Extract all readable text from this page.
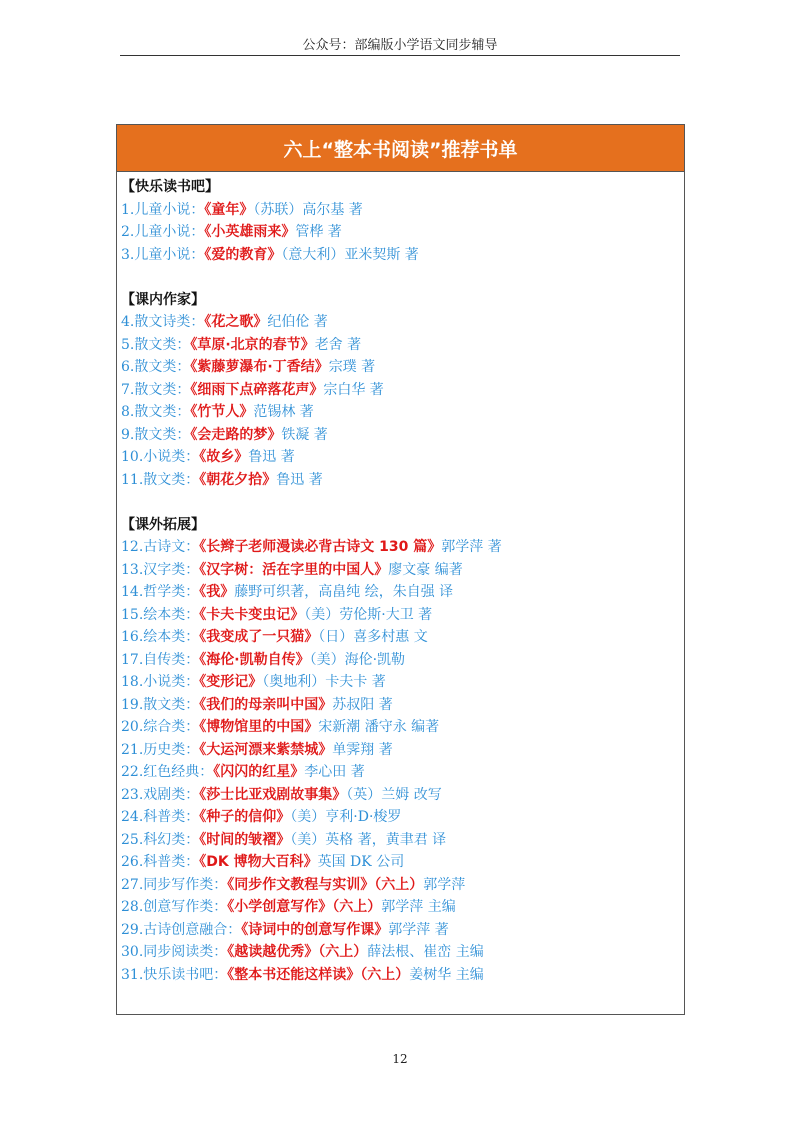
公众号：部编版小学语文同步辅导
六上“整本书阅读”推荐书单
【快乐读书吧】
1.儿童小说：《童年》（苏联）高尔基 著
2.儿童小说：《小英雄雨来》管桦 著
3.儿童小说：《爱的教育》（意大利）亚米契斯 著
【课内作家】
4.散文诗类：《花之歌》纪伯伦 著
5.散文类：《草原·北京的春节》老舍 著
6.散文类：《紫藤萝瀑布·丁香结》宗璞 著
7.散文类：《细雨下点碎落花声》宗白华 著
8.散文类：《竹节人》范锡林 著
9.散文类：《会走路的梦》铁凝 著
10.小说类：《故乡》鲁迅 著
11.散文类：《朝花夕拾》鲁迅 著
【课外拓展】
12.古诗文：《长辫子老师漫读必背古诗文 130 篇》郭学萍 著
13.汉字类：《汉字树：活在字里的中国人》廖文豪 编著
14.哲学类：《我》藤野可织著，高畠纯 绘，朱自强 译
15.绘本类：《卡夫卡变虫记》（美）劳伦斯·大卫 著
16.绘本类：《我变成了一只猫》（日）喜多村惠 文
17.自传类：《海伦·凯勒自传》（美）海伦·凯勒
18.小说类：《变形记》（奥地利）卡夫卡 著
19.散文类：《我们的母亲叫中国》苏叔阳 著
20.综合类：《博物馆里的中国》宋新潮 潘守永 编著
21.历史类：《大运河漂来紫禁城》单霁翔 著
22.红色经典：《闪闪的红星》李心田 著
23.戏剧类：《莎士比亚戏剧故事集》（英）兰姆 改写
24.科普类：《种子的信仰》（美）亨利·D·梭罗
25.科幻类：《时间的皱褶》（美）英格 著，黄聿君 译
26.科普类：《DK 博物大百科》英国 DK 公司
27.同步写作类：《同步作文教程与实训》（六上）郭学萍
28.创意写作类：《小学创意写作》（六上）郭学萍 主编
29.古诗创意融合：《诗词中的创意写作课》郭学萍 著
30.同步阅读类：《越读越优秀》（六上）薛法根、崔峦 主编
31.快乐读书吧：《整本书还能这样读》（六上）姜树华 主编
12
